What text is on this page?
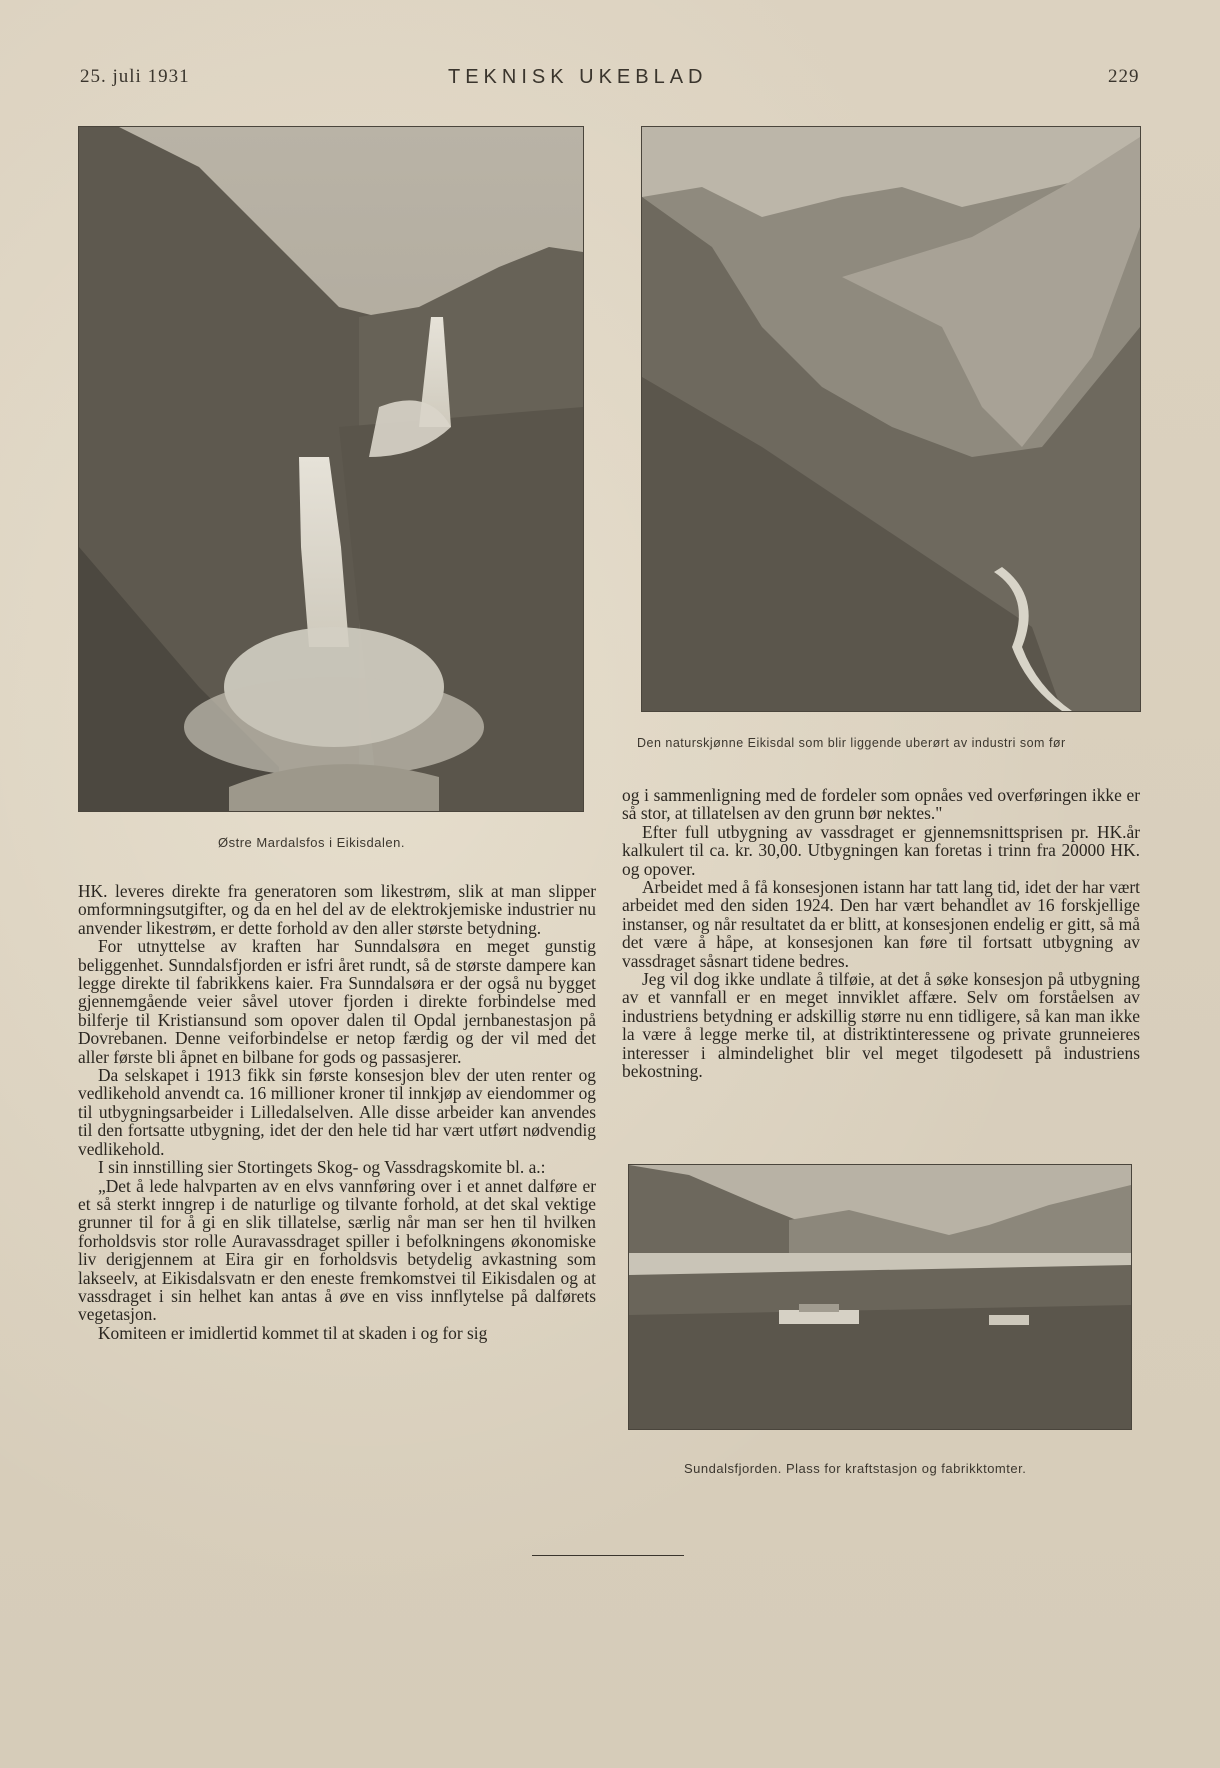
25. juli 1931	TEKNISK UKEBLAD	229
Østre Mardalsfos i Eikisdalen.
Den naturskjønne Eikisdal som blir liggende uberørt av industri som før
Sundalsfjorden. Plass for kraftstasjon og fabrikktomter.

HK. leveres direkte fra generatoren som likestrøm, slik at man slipper omformningsutgifter, og da en hel del av de elektrokjemiske industrier nu anvender likestrøm, er dette forhold av den aller største betydning.

For utnyttelse av kraften har Sunndalsøra en meget gunstig beliggenhet. Sunndalsfjorden er isfri året rundt, så de største dampere kan legge direkte til fabrikkens kaier. Fra Sunndalsøra er der også nu bygget gjennemgående veier såvel utover fjorden i direkte forbindelse med bilferje til Kristiansund som opover dalen til Opdal jernbanestasjon på Dovrebanen. Denne veiforbindelse er netop færdig og der vil med det aller første bli åpnet en bilbane for gods og passasjerer.

Da selskapet i 1913 fikk sin første konsesjon blev der uten renter og vedlikehold anvendt ca. 16 millioner kroner til innkjøp av eiendommer og til utbygningsarbeider i Lilledalselven. Alle disse arbeider kan anvendes til den fortsatte utbygning, idet der den hele tid har vært utført nødvendig vedlikehold.

I sin innstilling sier Stortingets Skog- og Vassdragskomite bl. a.:

„Det å lede halvparten av en elvs vannføring over i et annet dalføre er et så sterkt inngrep i de naturlige og tilvante forhold, at det skal vektige grunner til for å gi en slik tillatelse, særlig når man ser hen til hvilken forholdsvis stor rolle Auravassdraget spiller i befolkningens økonomiske liv derigjennem at Eira gir en forholdsvis betydelig avkastning som lakseelv, at Eikisdalsvatn er den eneste fremkomstvei til Eikisdalen og at vassdraget i sin helhet kan antas å øve en viss innflytelse på dalførets vegetasjon.

Komiteen er imidlertid kommet til at skaden i og for sig

og i sammenligning med de fordeler som opnåes ved overføringen ikke er så stor, at tillatelsen av den grunn bør nektes."

Efter full utbygning av vassdraget er gjennemsnittsprisen pr. HK.år kalkulert til ca. kr. 30,00. Utbygningen kan foretas i trinn fra 20000 HK. og opover.

Arbeidet med å få konsesjonen istann har tatt lang tid, idet der har vært arbeidet med den siden 1924. Den har vært behandlet av 16 forskjellige instanser, og når resultatet da er blitt, at konsesjonen endelig er gitt, så må det være å håpe, at konsesjonen kan føre til fortsatt utbygning av vassdraget såsnart tidene bedres.

Jeg vil dog ikke undlate å tilføie, at det å søke konsesjon på utbygning av et vannfall er en meget innviklet affære. Selv om forståelsen av industriens betydning er adskillig større nu enn tidligere, så kan man ikke la være å legge merke til, at distriktinteressene og private grunneieres interesser i almindelighet blir vel meget tilgodesett på industriens bekostning.
